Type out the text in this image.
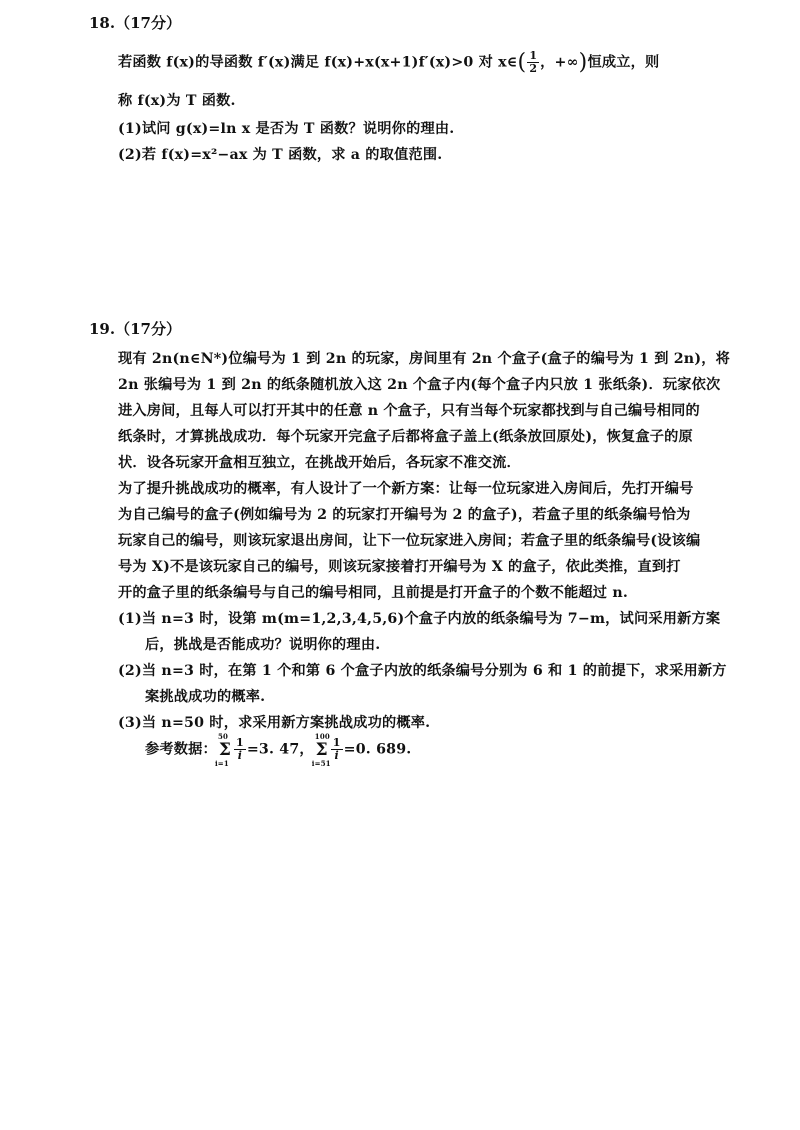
18.（17分）
若函数 f(x)的导函数 f′(x)满足 f(x)+x(x+1)f′(x)>0 对 x∈( $\frac{1}{2}$ ，+∞)恒成立，则
称 f(x)为 T 函数.
(1)试问 g(x)=ln x 是否为 T 函数？说明你的理由.
(2)若 f(x)=x²−ax 为 T 函数，求 a 的取值范围.
19.（17分）
现有 2n(n∈N*)位编号为 1 到 2n 的玩家，房间里有 2n 个盒子(盒子的编号为 1 到 2n)，将
2n 张编号为 1 到 2n 的纸条随机放入这 2n 个盒子内(每个盒子内只放 1 张纸条)．玩家依次
进入房间，且每人可以打开其中的任意 n 个盒子，只有当每个玩家都找到与自己编号相同的
纸条时，才算挑战成功．每个玩家开完盒子后都将盒子盖上(纸条放回原处)，恢复盒子的原
状．设各玩家开盒相互独立，在挑战开始后，各玩家不准交流．
为了提升挑战成功的概率，有人设计了一个新方案：让每一位玩家进入房间后，先打开编号
为自己编号的盒子(例如编号为 2 的玩家打开编号为 2 的盒子)，若盒子里的纸条编号恰为
玩家自己的编号，则该玩家退出房间，让下一位玩家进入房间；若盒子里的纸条编号(设该编
号为 X)不是该玩家自己的编号，则该玩家接着打开编号为 X 的盒子，依此类推，直到打
开的盒子里的纸条编号与自己的编号相同，且前提是打开盒子的个数不能超过 n.
(1)当 n=3 时，设第 m(m=1,2,3,4,5,6)个盒子内放的纸条编号为 7−m，试问采用新方案
后，挑战是否能成功？说明你的理由.
(2)当 n=3 时，在第 1 个和第 6 个盒子内放的纸条编号分别为 6 和 1 的前提下，求采用新方
案挑战成功的概率.
(3)当 n=50 时，求采用新方案挑战成功的概率.
参考数据：
50
Σ
i=1
$\frac{1}{i} =3$. 47，
100
Σ
i=51
$\frac{1}{i} =0$. 689.
